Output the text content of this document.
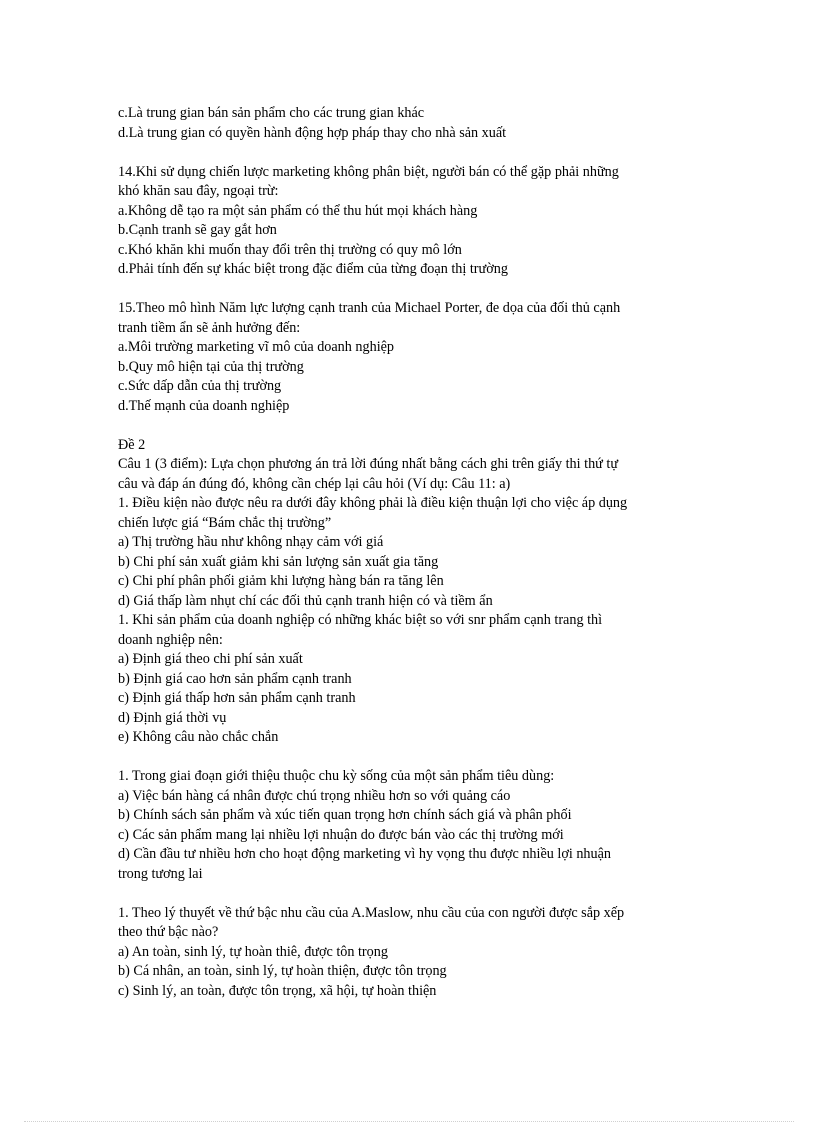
c.Là trung gian bán sản phẩm cho các trung gian khác
d.Là trung gian có quyền hành động hợp pháp thay cho nhà sản xuất
14.Khi sử dụng chiến lược marketing không phân biệt, người bán có thể gặp phải những
khó khăn sau đây, ngoại trừ:
a.Không dễ tạo ra một sản phẩm có thể thu hút mọi khách hàng
b.Cạnh tranh sẽ gay gắt hơn
c.Khó khăn khi muốn thay đổi trên thị trường có quy mô lớn
d.Phải tính đến sự khác biệt trong đặc điểm của từng đoạn thị trường
15.Theo mô hình Năm lực lượng cạnh tranh của Michael Porter, đe dọa của đối thủ cạnh
tranh tiềm ẩn sẽ ảnh hưởng đến:
a.Môi trường marketing vĩ mô của doanh nghiệp
b.Quy mô hiện tại của thị trường
c.Sức dấp dẫn của thị trường
d.Thế mạnh của doanh nghiệp
Đề 2
Câu 1 (3 điểm): Lựa chọn phương án trả lời đúng nhất bằng cách ghi trên giấy thi thứ tự
câu và đáp án đúng đó, không cần chép lại câu hỏi (Ví dụ: Câu 11: a)
1. Điều kiện nào được nêu ra dưới đây không phải là điều kiện thuận lợi cho việc áp dụng
chiến lược giá “Bám chắc thị trường”
a) Thị trường hầu như không nhạy cảm với giá
b) Chi phí sản xuất giảm khi sản lượng sản xuất gia tăng
c) Chi phí phân phối giảm khi lượng hàng bán ra tăng lên
d) Giá thấp làm nhụt chí các đối thủ cạnh tranh hiện có và tiềm ẩn
1. Khi sản phẩm của doanh nghiệp có những khác biệt so với snr phẩm cạnh trang thì
doanh nghiệp nên:
a) Định giá theo chi phí sản xuất
b) Định giá cao hơn sản phẩm cạnh tranh
c) Định giá thấp hơn sản phẩm cạnh tranh
d) Định giá thời vụ
e) Không câu nào chắc chắn
1. Trong giai đoạn giới thiệu thuộc chu kỳ sống của một sản phẩm tiêu dùng:
a) Việc bán hàng cá nhân được chú trọng nhiều hơn so với quảng cáo
b) Chính sách sản phẩm và xúc tiến quan trọng hơn chính sách giá và phân phối
c) Các sản phẩm mang lại nhiều lợi nhuận do được bán vào các thị trường mới
d) Cần đầu tư nhiều hơn cho hoạt động marketing vì hy vọng thu được nhiều lợi nhuận
trong tương lai
1. Theo lý thuyết về thứ bậc nhu cầu của A.Maslow, nhu cầu của con người được sắp xếp
theo thứ bậc nào?
a) An toàn, sinh lý, tự hoàn thiê, được tôn trọng
b) Cá nhân, an toàn, sinh lý, tự hoàn thiện, được tôn trọng
c) Sinh lý, an toàn, được tôn trọng, xã hội, tự hoàn thiện
